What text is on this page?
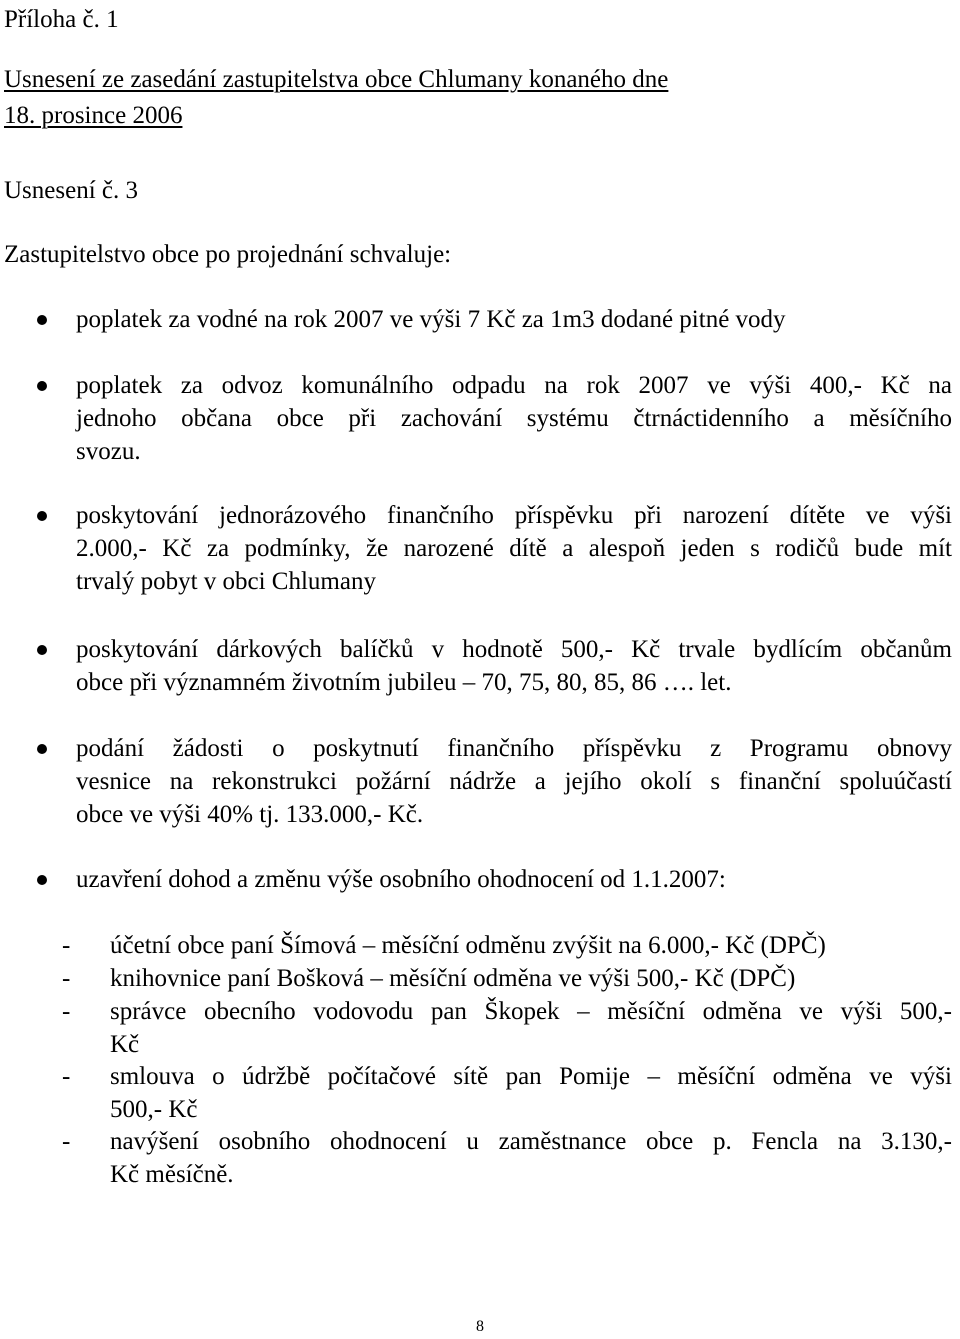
Příloha č. 1
Usnesení ze zasedání zastupitelstva obce Chlumany konaného dne
18. prosince 2006
Usnesení č. 3
Zastupitelstvo obce po projednání schvaluje:
poplatek za vodné na rok 2007 ve výši 7 Kč za 1m3 dodané pitné vody
poplatek za odvoz komunálního odpadu na rok 2007 ve výši 400,- Kč na
jednoho občana obce při zachování systému čtrnáctidenního a měsíčního
svozu.
poskytování jednorázového finančního příspěvku při narození dítěte ve výši
2.000,- Kč za podmínky, že narozené dítě a alespoň jeden s rodičů bude mít
trvalý pobyt v obci Chlumany
poskytování dárkových balíčků v hodnotě 500,- Kč trvale bydlícím občanům
obce při významném životním jubileu – 70, 75, 80, 85, 86 …. let.
podání žádosti o poskytnutí finančního příspěvku z Programu obnovy
vesnice na rekonstrukci požární nádrže a jejího okolí s finanční spoluúčastí
obce ve výši 40% tj. 133.000,- Kč.
uzavření dohod a změnu výše osobního ohodnocení od 1.1.2007:
- účetní obce paní Šímová – měsíční odměnu zvýšit na 6.000,- Kč (DPČ)
- knihovnice paní Bošková – měsíční odměna ve výši 500,- Kč (DPČ)
- správce obecního vodovodu pan Škopek – měsíční odměna ve výši 500,-
Kč
- smlouva o údržbě počítačové sítě pan Pomije – měsíční odměna ve výši
500,- Kč
- navýšení osobního ohodnocení u zaměstnance obce p. Fencla na 3.130,-
Kč měsíčně.
8
